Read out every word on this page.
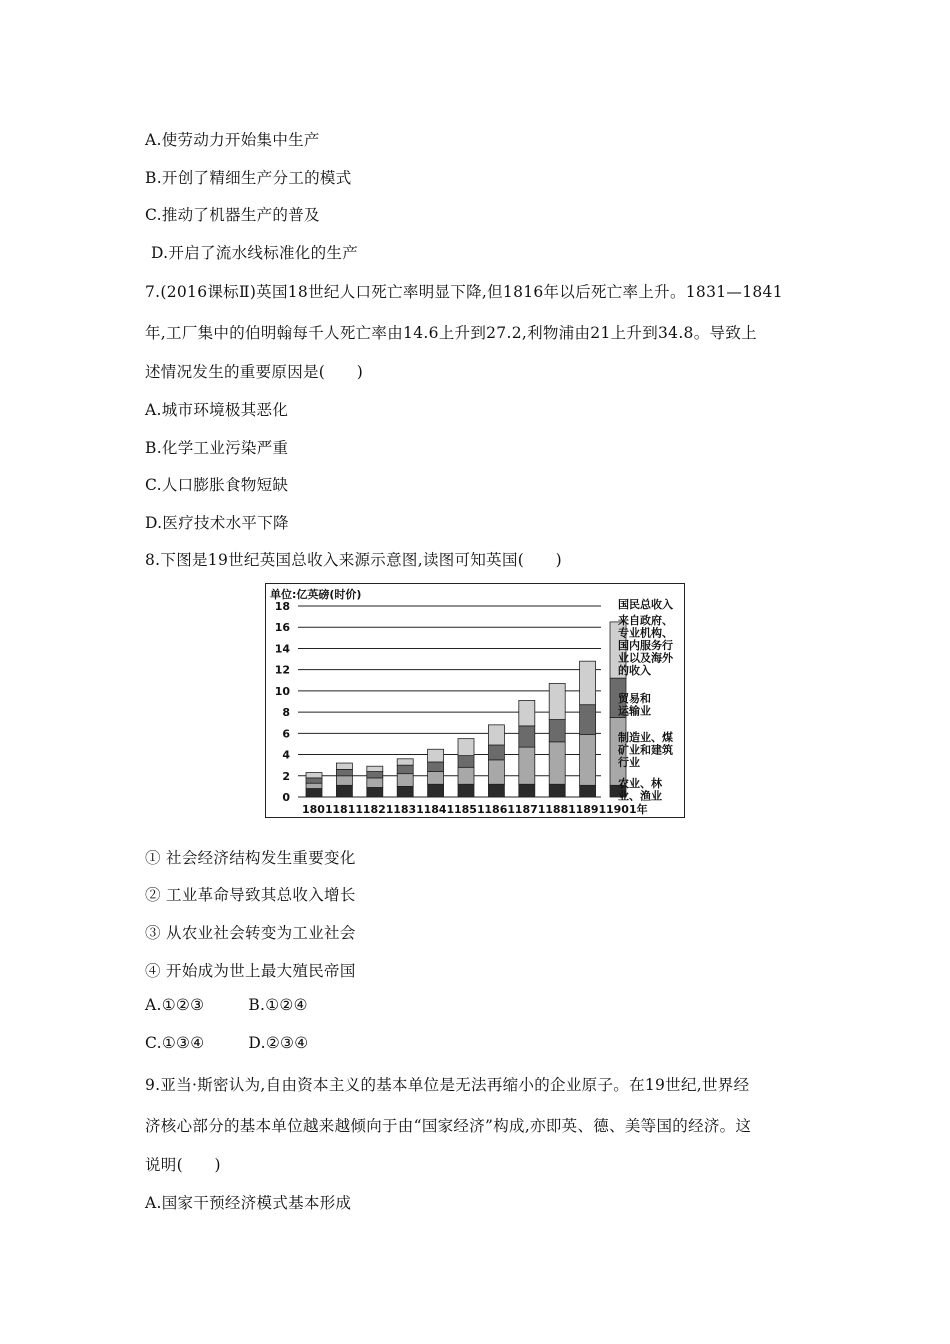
A.使劳动力开始集中生产
B.开创了精细生产分工的模式
C.推动了机器生产的普及
D.开启了流水线标准化的生产
7.(2016课标Ⅱ)英国18世纪人口死亡率明显下降,但1816年以后死亡率上升。1831—1841
年,工厂集中的伯明翰每千人死亡率由14.6上升到27.2,利物浦由21上升到34.8。导致上
述情况发生的重要原因是(　　)
A.城市环境极其恶化
B.化学工业污染严重
C.人口膨胀食物短缺
D.医疗技术水平下降
8.下图是19世纪英国总收入来源示意图,读图可知英国(　　)
单位:亿英磅(时价)
0
2
4
6
8
10
12
14
16
18
1801 1811 1821 1831 1841 1851 1861 1871 1881 1891 1901年
国民总收入
来自政府、
专业机构、
国内服务行
业以及海外
的收入
贸易和
运输业
制造业、煤
矿业和建筑
行业
农业、林
业、渔业
① 社会经济结构发生重要变化
② 工业革命导致其总收入增长
③ 从农业社会转变为工业社会
④ 开始成为世上最大殖民帝国
A.①②③	B.①②④
C.①③④	D.②③④
9.亚当·斯密认为,自由资本主义的基本单位是无法再缩小的企业原子。在19世纪,世界经
济核心部分的基本单位越来越倾向于由“国家经济”构成,亦即英、德、美等国的经济。这
说明(　　)
A.国家干预经济模式基本形成
